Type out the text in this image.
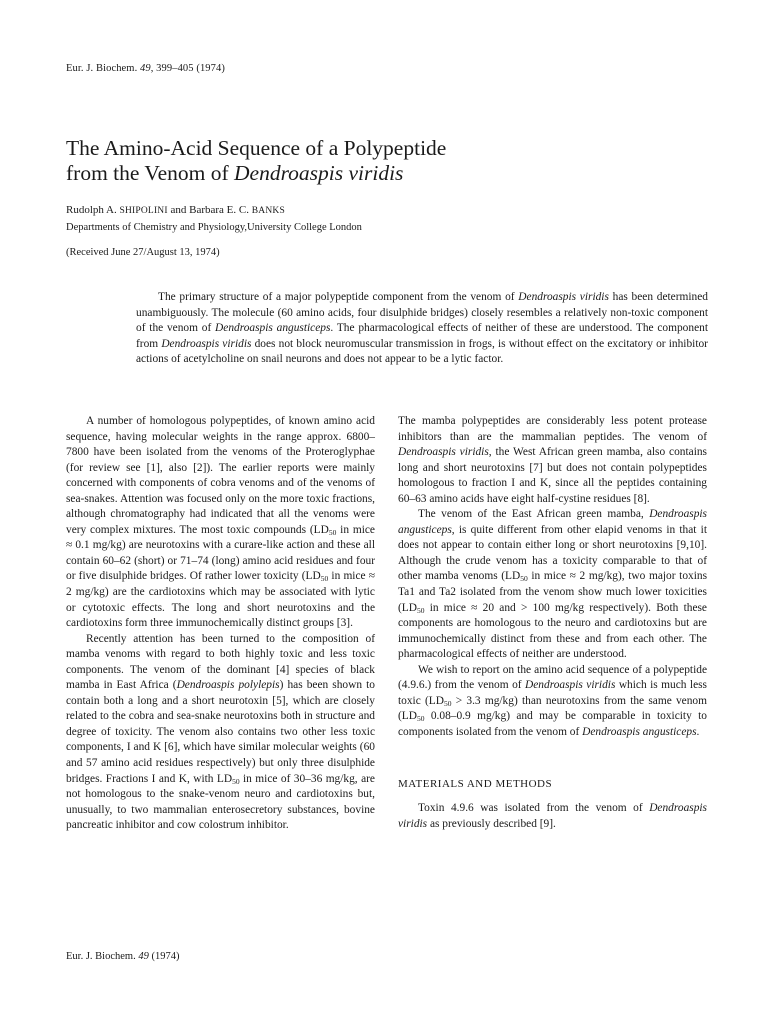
Eur. J. Biochem. 49, 399–405 (1974)
The Amino-Acid Sequence of a Polypeptide
from the Venom of Dendroaspis viridis
Rudolph A. SHIPOLINI and Barbara E. C. BANKS
Departments of Chemistry and Physiology,University College London
(Received June 27/August 13, 1974)

The primary structure of a major polypeptide component from the venom of Dendroaspis viridis has been determined unambiguously. The molecule (60 amino acids, four disulphide bridges) closely resembles a relatively non-toxic component of the venom of Dendroaspis angusticeps. The pharmacological effects of neither of these are understood. The component from Dendroaspis viridis does not block neuromuscular transmission in frogs, is without effect on the excitatory or inhibitor actions of acetylcholine on snail neurons and does not appear to be a lytic factor.

A number of homologous polypeptides, of known amino acid sequence, having molecular weights in the range approx. 6800–7800 have been isolated from the venoms of the Proteroglyphae (for review see [1], also [2]). The earlier reports were mainly concerned with components of cobra venoms and of the venoms of sea-snakes. Attention was focused only on the more toxic fractions, although chromatography had indicated that all the venoms were very complex mixtures. The most toxic compounds ($LD_{50}$ in mice ≈ 0.1 mg/kg) are neurotoxins with a curare-like action and these all contain 60–62 (short) or 71–74 (long) amino acid residues and four or five disulphide bridges. Of rather lower toxicity ($LD_{50}$ in mice ≈ 2 mg/kg) are the cardiotoxins which may be associated with lytic or cytotoxic effects. The long and short neurotoxins and the cardiotoxins form three immunochemically distinct groups [3].

Recently attention has been turned to the composition of mamba venoms with regard to both highly toxic and less toxic components. The venom of the dominant [4] species of black mamba in East Africa (Dendroaspis polylepis) has been shown to contain both a long and a short neurotoxin [5], which are closely related to the cobra and sea-snake neurotoxins both in structure and degree of toxicity. The venom also contains two other less toxic components, I and K [6], which have similar molecular weights (60 and 57 amino acid residues respectively) but only three disulphide bridges. Fractions I and K, with $LD_{50}$ in mice of 30–36 mg/kg, are not homologous to the snake-venom neuro and cardiotoxins but, unusually, to two mammalian enterosecretory substances, bovine pancreatic inhibitor and cow colostrum inhibitor.

The mamba polypeptides are considerably less potent protease inhibitors than are the mammalian peptides. The venom of Dendroaspis viridis, the West African green mamba, also contains long and short neurotoxins [7] but does not contain polypeptides homologous to fraction I and K, since all the peptides containing 60–63 amino acids have eight half-cystine residues [8].

The venom of the East African green mamba, Dendroaspis angusticeps, is quite different from other elapid venoms in that it does not appear to contain either long or short neurotoxins [9,10]. Although the crude venom has a toxicity comparable to that of other mamba venoms ($LD_{50}$ in mice ≈ 2 mg/kg), two major toxins Ta1 and Ta2 isolated from the venom show much lower toxicities ($LD_{50}$ in mice ≈ 20 and > 100 mg/kg respectively). Both these components are homologous to the neuro and cardiotoxins but are immunochemically distinct from these and from each other. The pharmacological effects of neither are understood.

We wish to report on the amino acid sequence of a polypeptide (4.9.6.) from the venom of Dendroaspis viridis which is much less toxic ($LD_{50} > 3.3$ mg/kg) than neurotoxins from the same venom ($LD_{50}$ 0.08–0.9 mg/kg) and may be comparable in toxicity to components isolated from the venom of Dendroaspis angusticeps.

MATERIALS AND METHODS

Toxin 4.9.6 was isolated from the venom of Dendroaspis viridis as previously described [9].

Eur. J. Biochem. 49 (1974)
